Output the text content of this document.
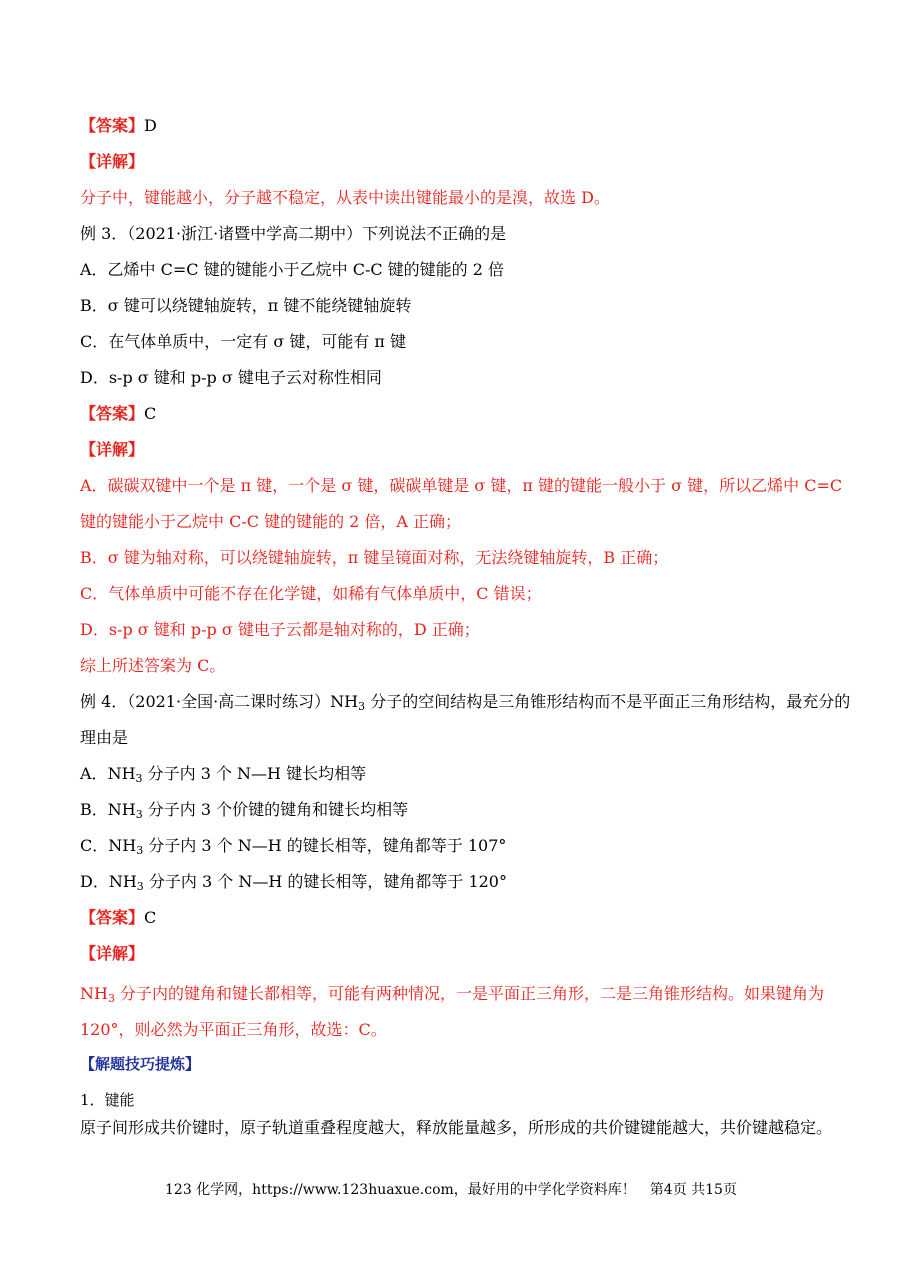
【答案】D
【详解】
分子中，键能越小，分子越不稳定，从表中读出键能最小的是溴，故选 D。
例 3．（2021·浙江·诸暨中学高二期中）下列说法不正确的是
A．乙烯中 C=C 键的键能小于乙烷中 C-C 键的键能的 2 倍
B．σ 键可以绕键轴旋转，π 键不能绕键轴旋转
C．在气体单质中，一定有 σ 键，可能有 π 键
D．s-p σ 键和 p-p σ 键电子云对称性相同
【答案】C
【详解】
A．碳碳双键中一个是 π 键，一个是 σ 键，碳碳单键是 σ 键，π 键的键能一般小于 σ 键，所以乙烯中 C=C
键的键能小于乙烷中 C-C 键的键能的 2 倍，A 正确；
B．σ 键为轴对称，可以绕键轴旋转，π 键呈镜面对称，无法绕键轴旋转，B 正确；
C．气体单质中可能不存在化学键，如稀有气体单质中，C 错误；
D．s-p σ 键和 p-p σ 键电子云都是轴对称的，D 正确；
综上所述答案为 C。
例 4．（2021·全国·高二课时练习）$NH_3$ 分子的空间结构是三角锥形结构而不是平面正三角形结构，最充分的
理由是
A．$NH_3$ 分子内 3 个 N—H 键长均相等
B．$NH_3$ 分子内 3 个价键的键角和键长均相等
C．$NH_3$ 分子内 3 个 N—H 的键长相等，键角都等于 107°
D．$NH_3$ 分子内 3 个 N—H 的键长相等，键角都等于 120°
【答案】C
【详解】
$NH_3$ 分子内的键角和键长都相等，可能有两种情况，一是平面正三角形，二是三角锥形结构。如果键角为
120°，则必然为平面正三角形，故选：C。
【解题技巧提炼】
1．键能
原子间形成共价键时，原子轨道重叠程度越大，释放能量越多，所形成的共价键键能越大，共价键越稳定。
123 化学网，https://www.123huaxue.com，最好用的中学化学资料库！　第4页 共15页
